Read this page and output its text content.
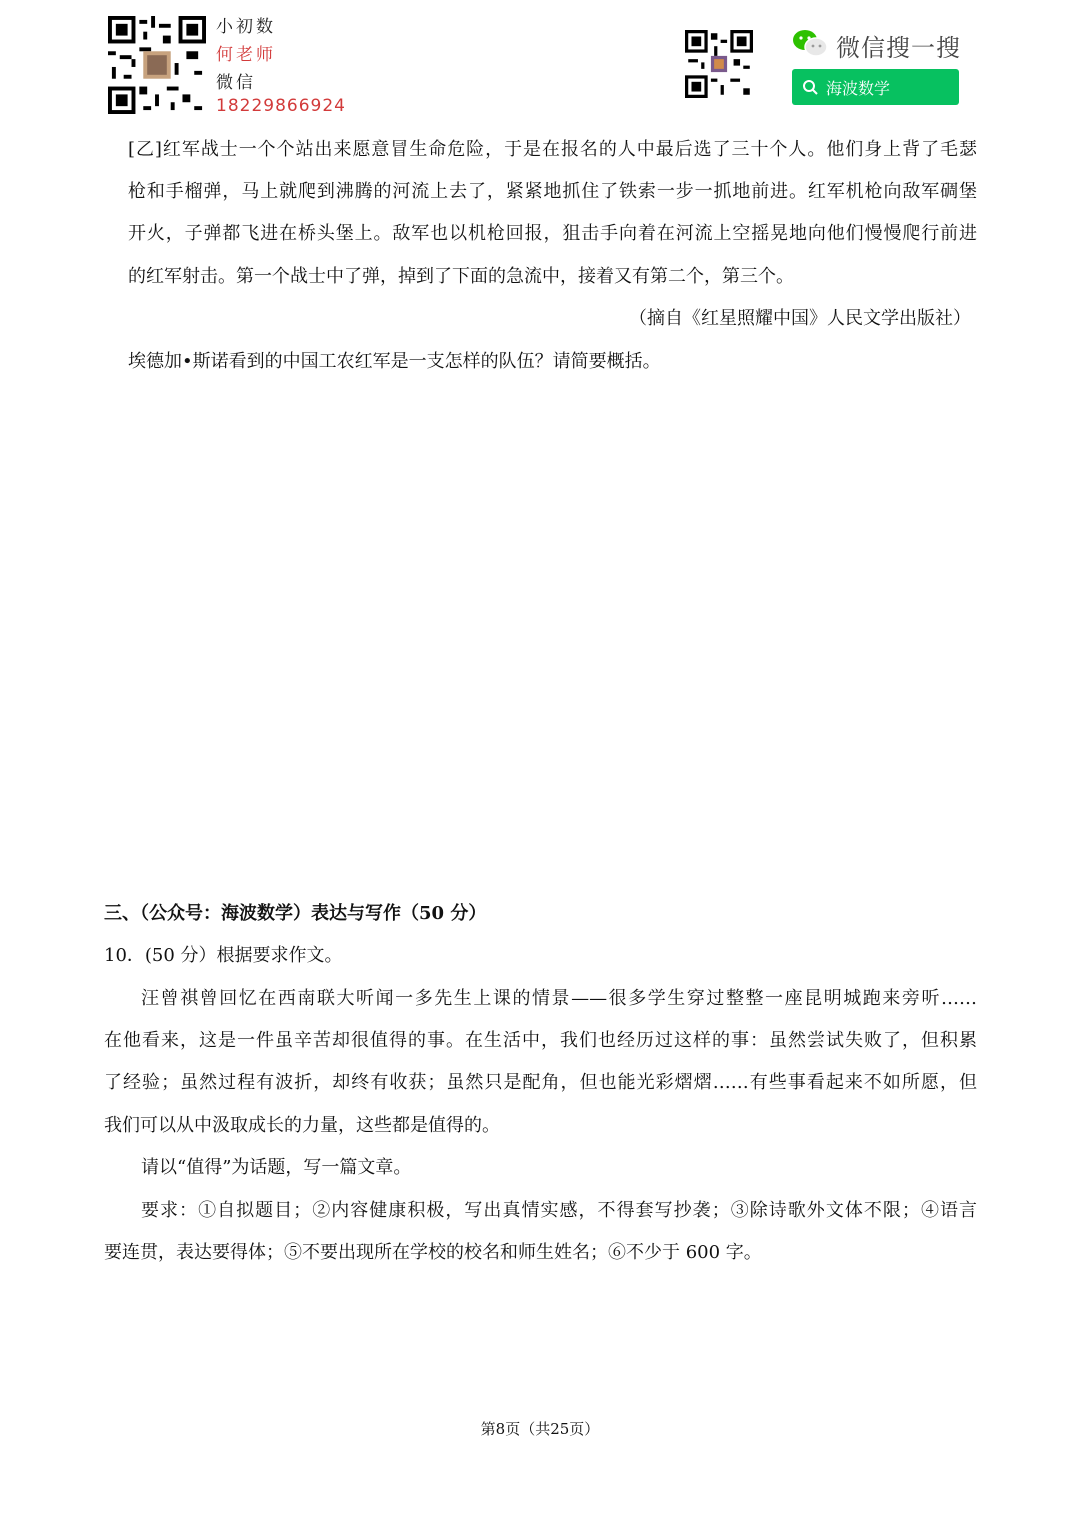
小初数
何老师
微信
18229866924
微信搜一搜
海波数学
[乙]红军战士一个个站出来愿意冒生命危险，于是在报名的人中最后选了三十个人。他们身上背了毛瑟
枪和手榴弹，马上就爬到沸腾的河流上去了，紧紧地抓住了铁索一步一抓地前进。红军机枪向敌军碉堡
开火，子弹都飞进在桥头堡上。敌军也以机枪回报，狙击手向着在河流上空摇晃地向他们慢慢爬行前进
的红军射击。第一个战士中了弹，掉到了下面的急流中，接着又有第二个，第三个。
（摘自《红星照耀中国》人民文学出版社）
埃德加•斯诺看到的中国工农红军是一支怎样的队伍？请简要概括。
三、（公众号：海波数学）表达与写作（50 分）
10．(50 分）根据要求作文。
汪曾祺曾回忆在西南联大听闻一多先生上课的情景——很多学生穿过整整一座昆明城跑来旁听……
在他看来，这是一件虽辛苦却很值得的事。在生活中，我们也经历过这样的事：虽然尝试失败了，但积累
了经验；虽然过程有波折，却终有收获；虽然只是配角，但也能光彩熠熠……有些事看起来不如所愿，但
我们可以从中汲取成长的力量，这些都是值得的。
请以“值得”为话题，写一篇文章。
要求：①自拟题目；②内容健康积极，写出真情实感，不得套写抄袭；③除诗歌外文体不限；④语言
要连贯，表达要得体；⑤不要出现所在学校的校名和师生姓名；⑥不少于 600 字。
第8页（共25页）
